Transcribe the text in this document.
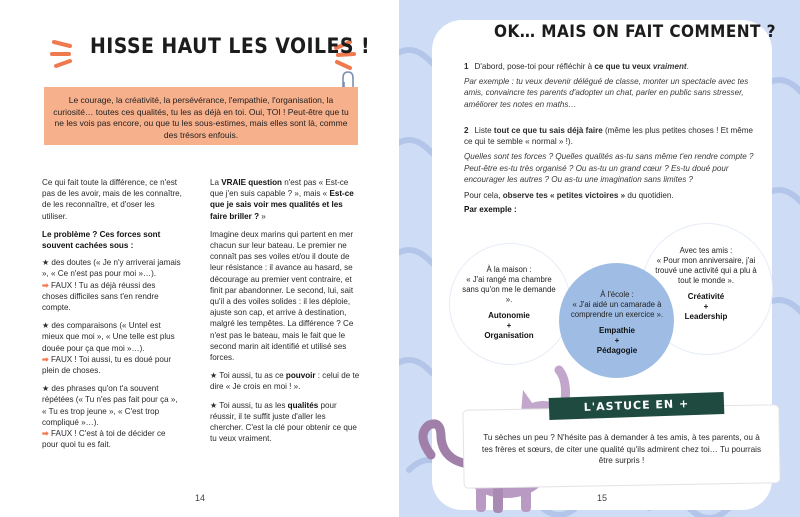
HISSE HAUT LES VOILES !
Le courage, la créativité, la persévérance, l'empathie, l'organisation, la curiosité… toutes ces qualités, tu les as déjà en toi. Oui, TOI ! Peut-être que tu ne les vois pas encore, ou que tu les sous-estimes, mais elles sont là, comme des trésors enfouis.

Ce qui fait toute la différence, ce n'est pas de les avoir, mais de les connaître, de les reconnaître, et d'oser les utiliser.

Le problème ? Ces forces sont souvent cachées sous :

★ des doutes (« Je n'y arriverai jamais », « Ce n'est pas pour moi »…).
➡ FAUX ! Tu as déjà réussi des choses difficiles sans t'en rendre compte.
★ des comparaisons (« Untel est mieux que moi », « Une telle est plus douée pour ça que moi »…).
➡ FAUX ! Toi aussi, tu es doué pour plein de choses.
★ des phrases qu'on t'a souvent répétées (« Tu n'es pas fait pour ça », « Tu es trop jeune », « C'est trop compliqué »…).
➡ FAUX ! C'est à toi de décider ce pour quoi tu es fait.

La VRAIE question n'est pas « Est-ce que j'en suis capable ? », mais « Est-ce que je sais voir mes qualités et les faire briller ? »

Imagine deux marins qui partent en mer chacun sur leur bateau. Le premier ne connaît pas ses voiles et/ou il doute de leur résistance : il avance au hasard, se décourage au premier vent contraire, et finit par abandonner. Le second, lui, sait qu'il a des voiles solides : il les déploie, ajuste son cap, et arrive à destination, malgré les tempêtes. La différence ? Ce n'est pas le bateau, mais le fait que le second marin ait identifié et utilisé ses forces.

★ Toi aussi, tu as ce pouvoir : celui de te dire « Je crois en moi ! ».

★ Toi aussi, tu as les qualités pour réussir, il te suffit juste d'aller les chercher. C'est la clé pour obtenir ce que tu veux vraiment.

14
OK… MAIS ON FAIT COMMENT ?
1 D'abord, pose-toi pour réfléchir à ce que tu veux vraiment.
Par exemple : tu veux devenir délégué de classe, monter un spectacle avec tes amis, convaincre tes parents d'adopter un chat, parler en public sans stresser, améliorer tes notes en maths…
2 Liste tout ce que tu sais déjà faire (même les plus petites choses ! Et même ce qui te semble « normal » !).
Quelles sont tes forces ? Quelles qualités as-tu sans même t'en rendre compte ? Peut-être es-tu très organisé ? Ou as-tu un grand cœur ? Es-tu doué pour encourager les autres ? Ou as-tu une imagination sans limites ?
Pour cela, observe tes « petites victoires » du quotidien.
Par exemple :
À la maison :
« J'ai rangé ma chambre sans qu'on me le demande ».
Autonomie
+
Organisation
À l'école :
« J'ai aidé un camarade à comprendre un exercice ».
Empathie
+
Pédagogie
Avec tes amis :
« Pour mon anniversaire, j'ai trouvé une activité qui a plu à tout le monde ».
Créativité
+
Leadership
L'ASTUCE EN +
Tu sèches un peu ? N'hésite pas à demander à tes amis, à tes parents, ou à tes frères et sœurs, de citer une qualité qu'ils admirent chez toi… Tu pourrais être surpris !
15
